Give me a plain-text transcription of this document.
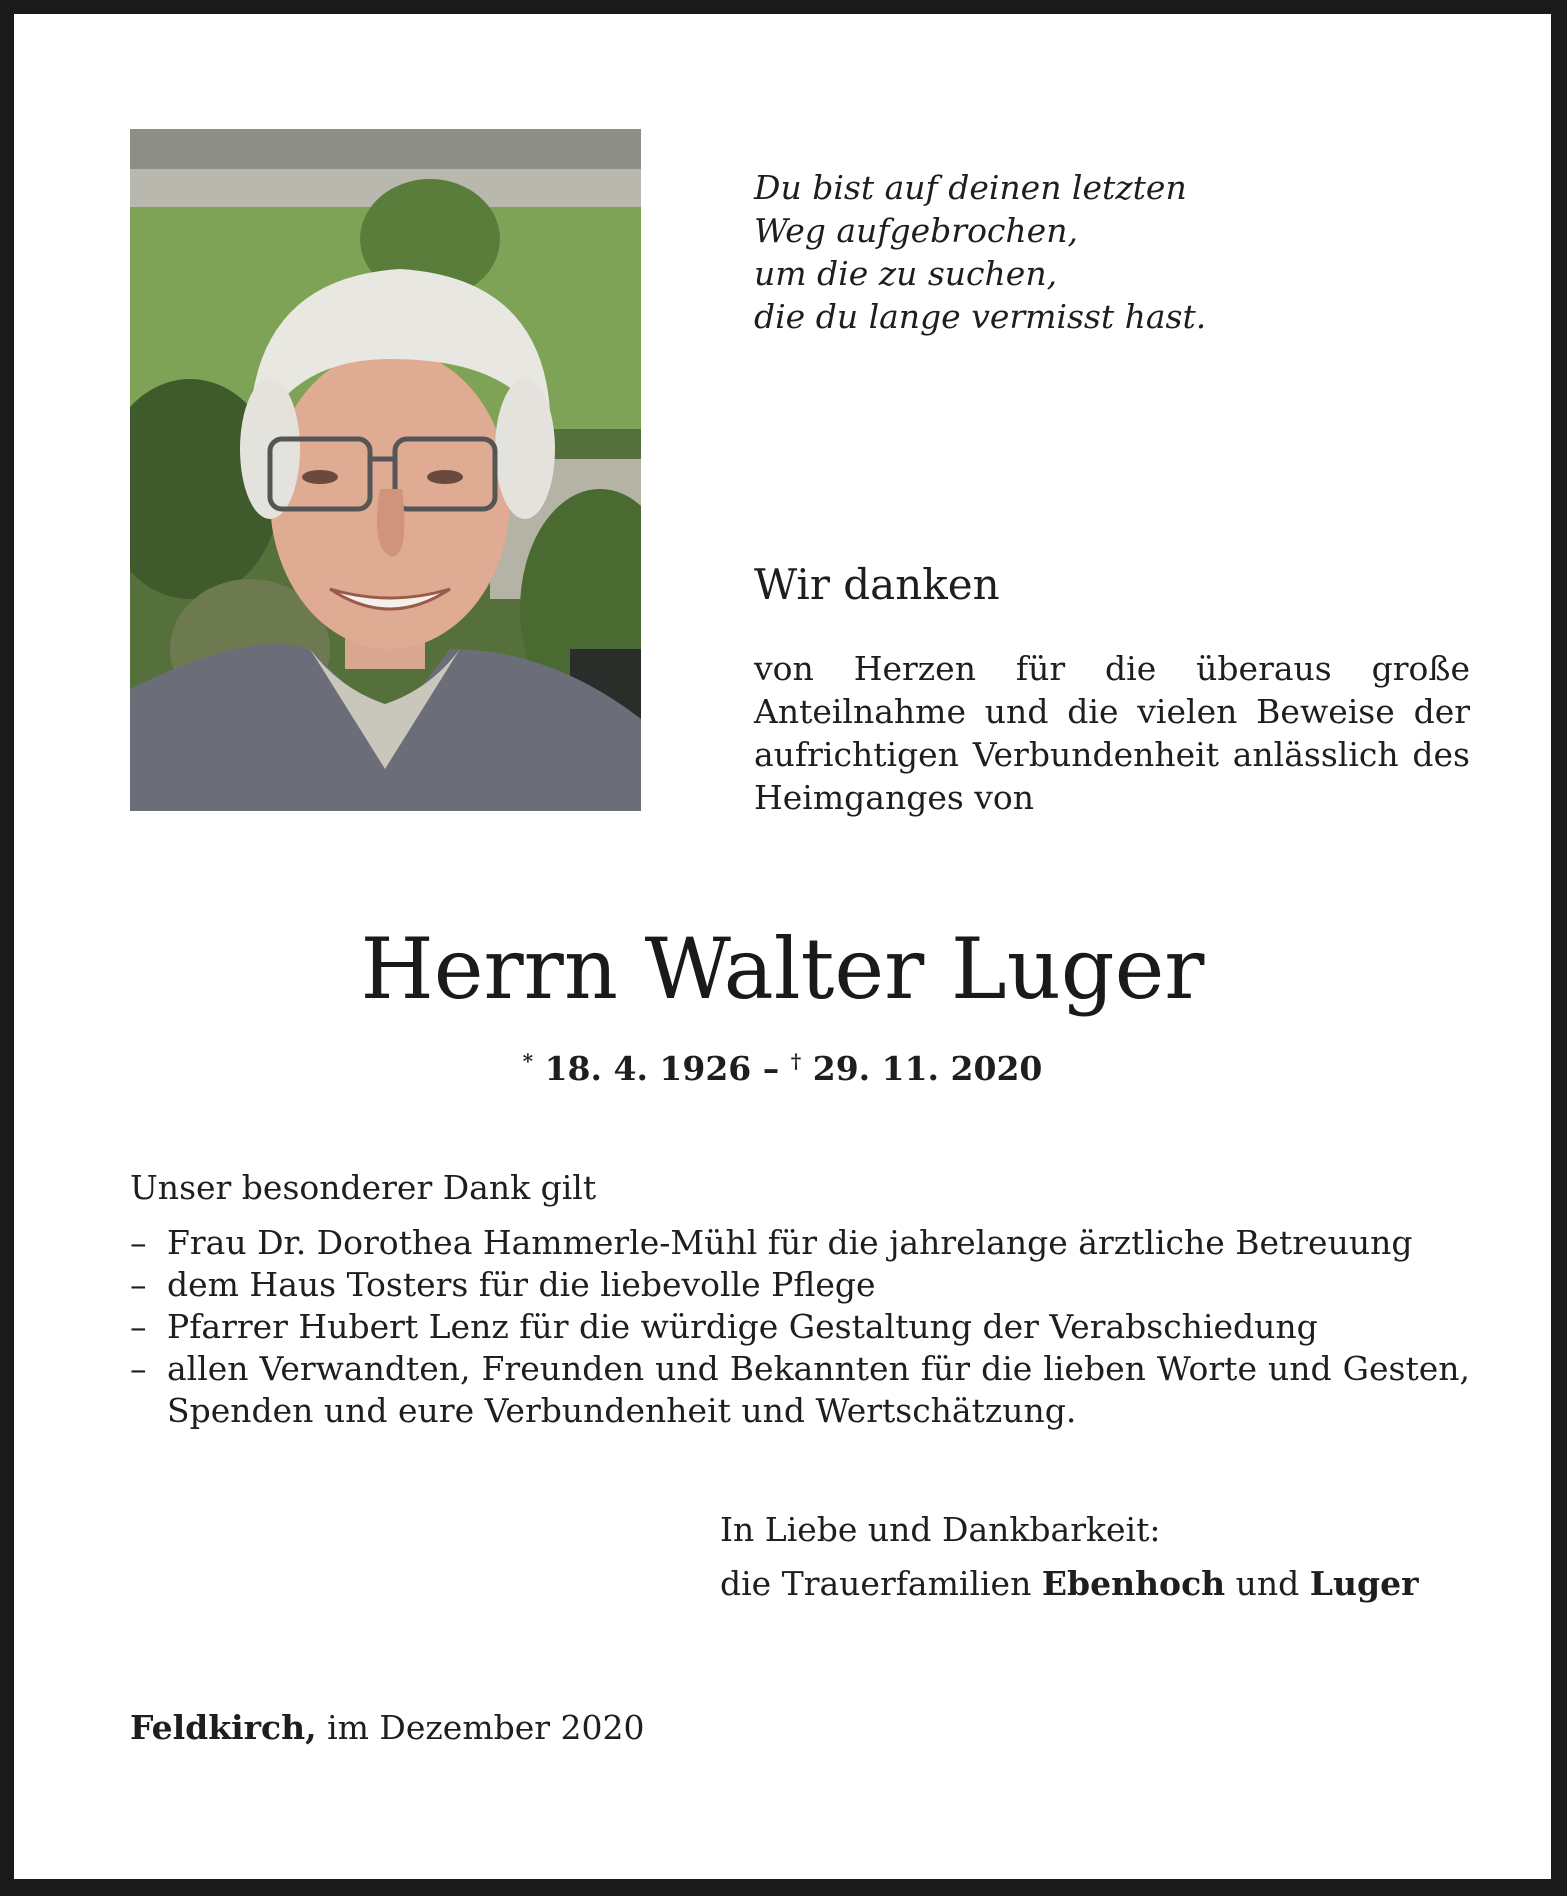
Du bist auf deinen letzten
Weg aufgebrochen,
um die zu suchen,
die du lange vermisst hast.
Wir danken
von Herzen für die überaus große Anteilnahme und die vielen Beweise der aufrichtigen Verbundenheit anlässlich des Heimganges von
Herrn Walter Luger
* 18. 4. 1926 – † 29. 11. 2020
Unser besonderer Dank gilt
– Frau Dr. Dorothea Hammerle-Mühl für die jahrelange ärztliche Betreuung
– dem Haus Tosters für die liebevolle Pflege
– Pfarrer Hubert Lenz für die würdige Gestaltung der Verabschiedung
– allen Verwandten, Freunden und Bekannten für die lieben Worte und Gesten, Spenden und eure Verbundenheit und Wertschätzung.
In Liebe und Dankbarkeit:
die Trauerfamilien Ebenhoch und Luger
Feldkirch, im Dezember 2020
